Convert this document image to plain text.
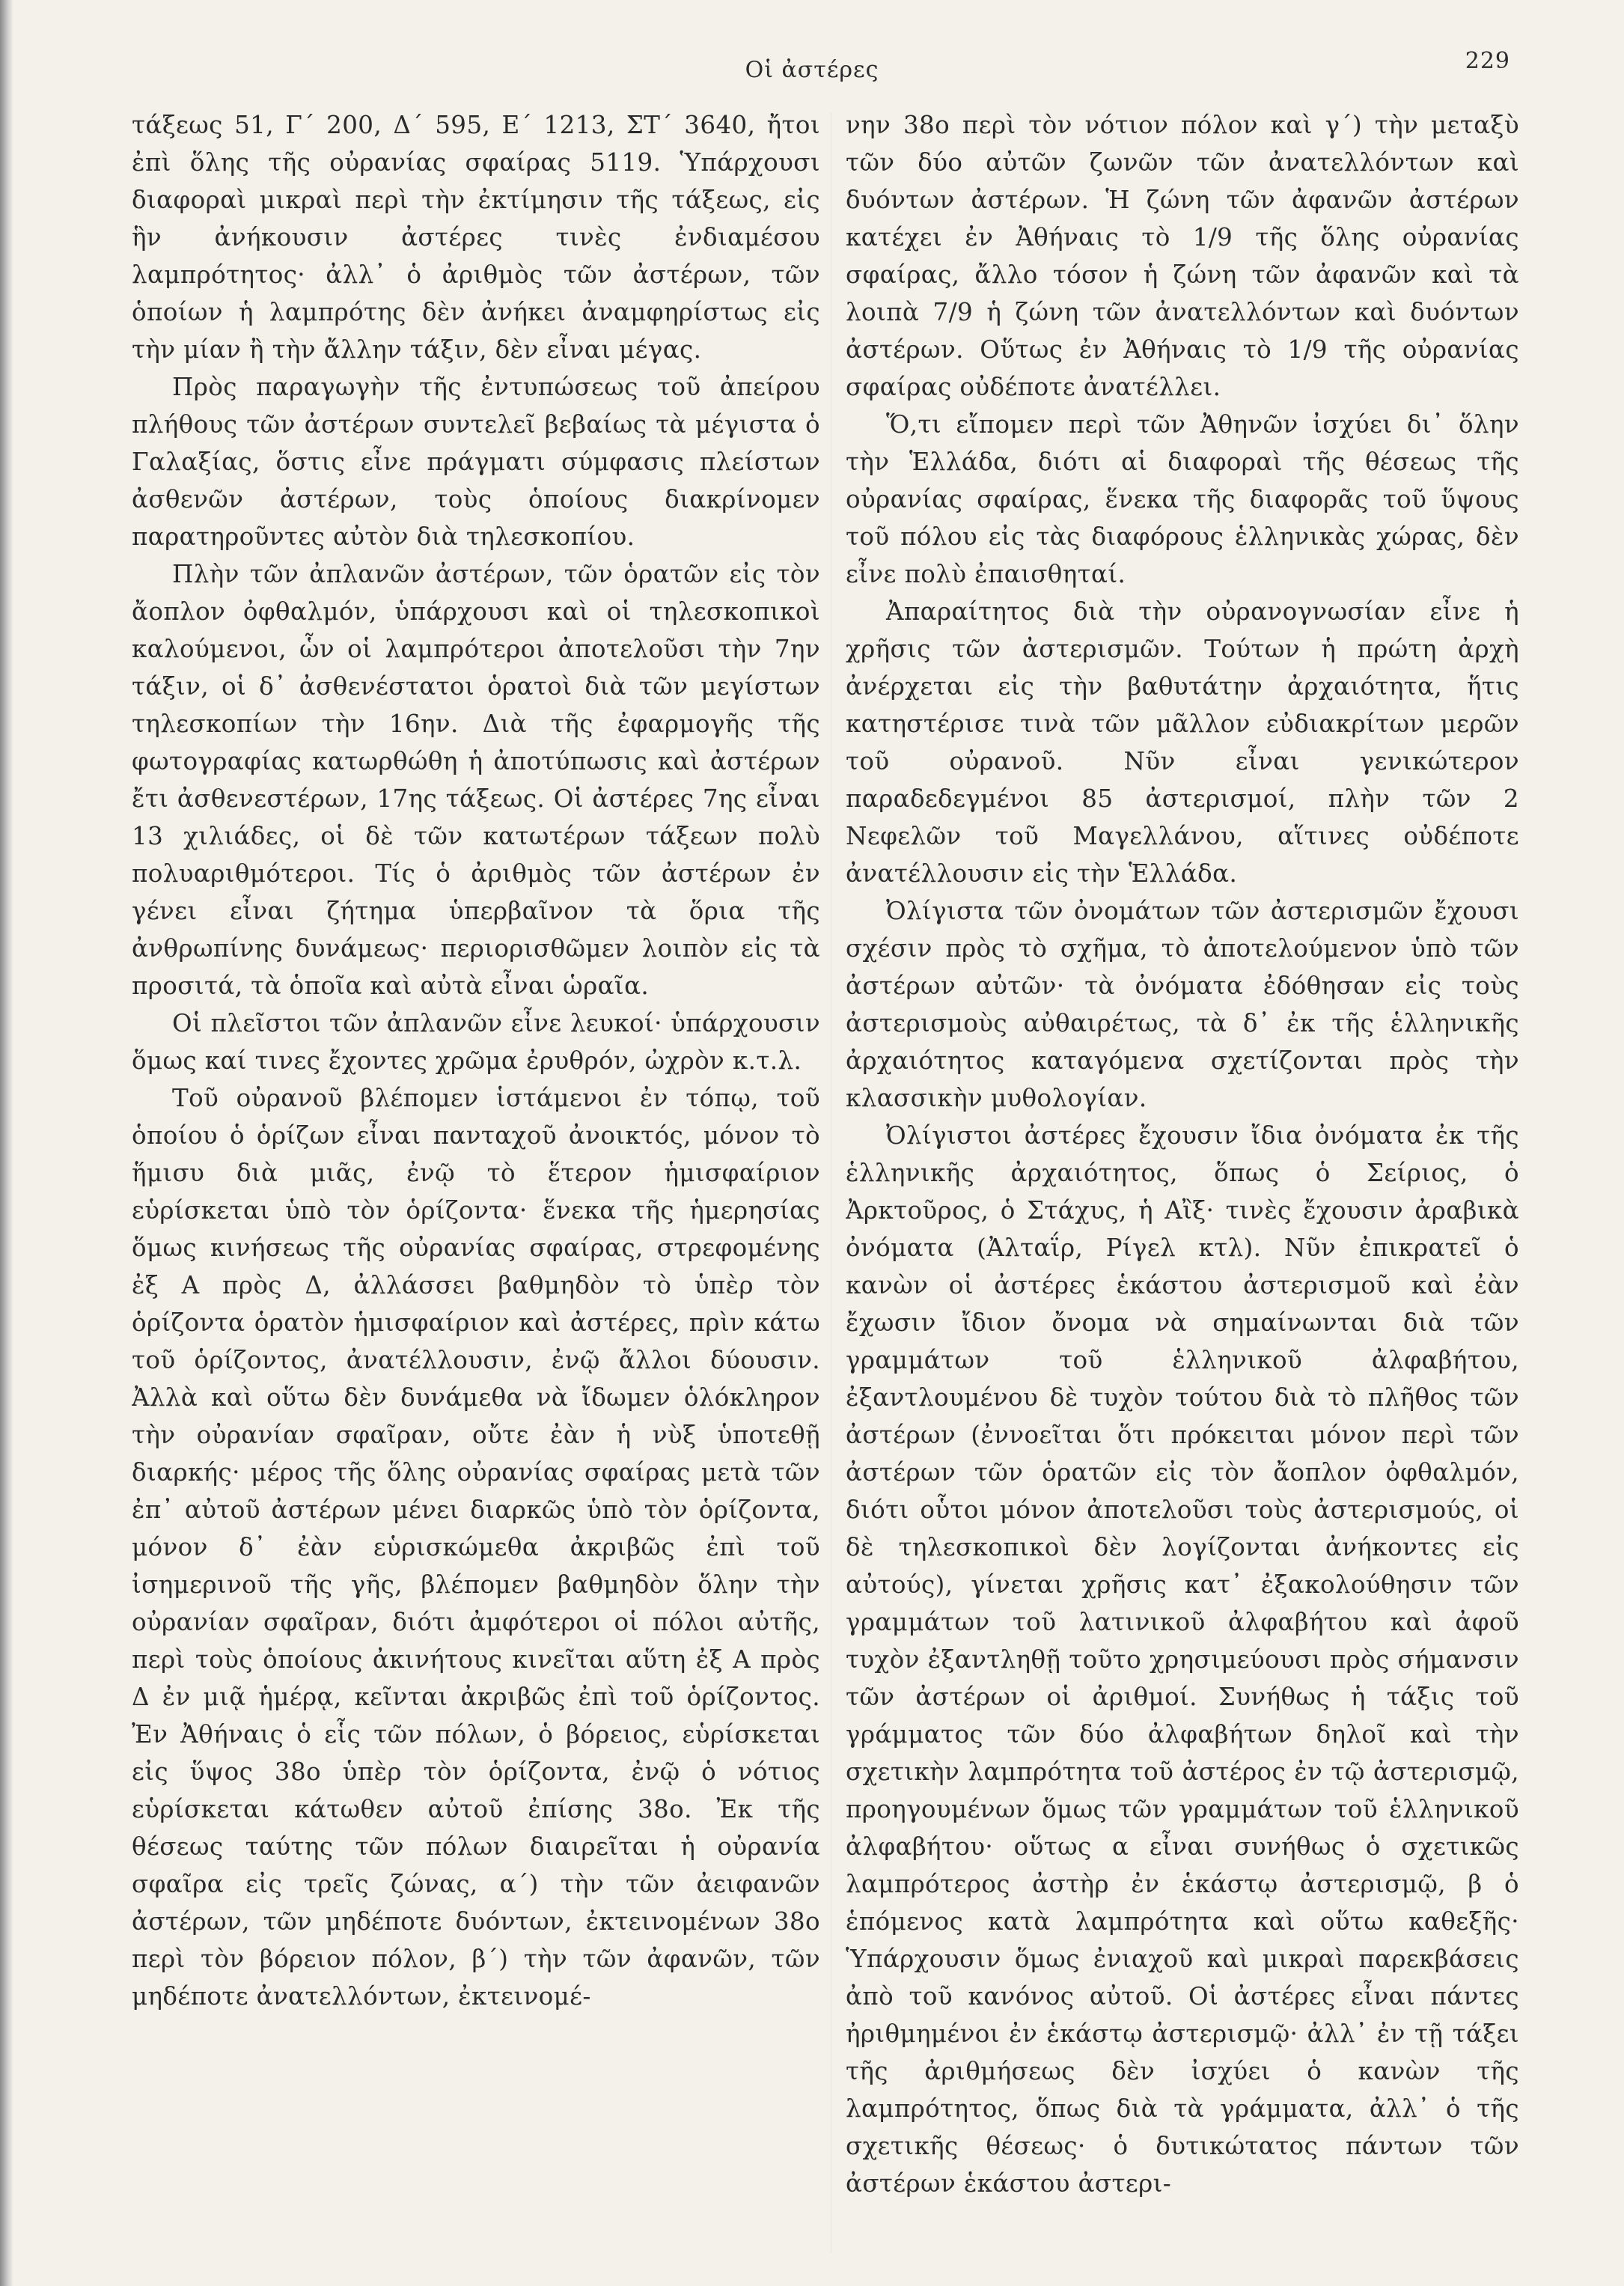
Οἱ ἀστέρες	229

τάξεως 51, Γ΄ 200, Δ΄ 595, Ε΄ 1213, ΣΤ΄ 3640, ἤτοι ἐπὶ ὅλης τῆς οὐρανίας σφαίρας 5119. Ὑπάρχουσι διαφοραὶ μικραὶ περὶ τὴν ἐκτίμησιν τῆς τάξεως, εἰς ἣν ἀνήκουσιν ἀστέρες τινὲς ἐνδιαμέσου λαμπρότητος· ἀλλ᾽ ὁ ἀριθμὸς τῶν ἀστέρων, τῶν ὁποίων ἡ λαμπρότης δὲν ἀνήκει ἀναμφηρίστως εἰς τὴν μίαν ἢ τὴν ἄλλην τάξιν, δὲν εἶναι μέγας.

Πρὸς παραγωγὴν τῆς ἐντυπώσεως τοῦ ἀπείρου πλήθους τῶν ἀστέρων συντελεῖ βεβαίως τὰ μέγιστα ὁ Γαλαξίας, ὅστις εἶνε πράγματι σύμφασις πλείστων ἀσθενῶν ἀστέρων, τοὺς ὁποίους διακρίνομεν παρατηροῦντες αὐτὸν διὰ τηλεσκοπίου.

Πλὴν τῶν ἀπλανῶν ἀστέρων, τῶν ὁρατῶν εἰς τὸν ἄοπλον ὀφθαλμόν, ὑπάρχουσι καὶ οἱ τηλεσκοπικοὶ καλούμενοι, ὧν οἱ λαμπρότεροι ἀποτελοῦσι τὴν 7ην τάξιν, οἱ δ᾽ ἀσθενέστατοι ὁρατοὶ διὰ τῶν μεγίστων τηλεσκοπίων τὴν 16ην. Διὰ τῆς ἐφαρμογῆς τῆς φωτογραφίας κατωρθώθη ἡ ἀποτύπωσις καὶ ἀστέρων ἔτι ἀσθενεστέρων, 17ης τάξεως. Οἱ ἀστέρες 7ης εἶναι 13 χιλιάδες, οἱ δὲ τῶν κατωτέρων τάξεων πολὺ πολυαριθμότεροι. Τίς ὁ ἀριθμὸς τῶν ἀστέρων ἐν γένει εἶναι ζήτημα ὑπερβαῖνον τὰ ὅρια τῆς ἀνθρωπίνης δυνάμεως· περιορισθῶμεν λοιπὸν εἰς τὰ προσιτά, τὰ ὁποῖα καὶ αὐτὰ εἶναι ὡραῖα.

Οἱ πλεῖστοι τῶν ἀπλανῶν εἶνε λευκοί· ὑπάρχουσιν ὅμως καί τινες ἔχοντες χρῶμα ἐρυθρόν, ὠχρὸν κ.τ.λ.

Τοῦ οὐρανοῦ βλέπομεν ἱστάμενοι ἐν τόπῳ, τοῦ ὁποίου ὁ ὁρίζων εἶναι πανταχοῦ ἀνοικτός, μόνον τὸ ἥμισυ διὰ μιᾶς, ἐνῷ τὸ ἕτερον ἡμισφαίριον εὑρίσκεται ὑπὸ τὸν ὁρίζοντα· ἕνεκα τῆς ἡμερησίας ὅμως κινήσεως τῆς οὐρανίας σφαίρας, στρεφομένης ἐξ Α πρὸς Δ, ἀλλάσσει βαθμηδὸν τὸ ὑπὲρ τὸν ὁρίζοντα ὁρατὸν ἡμισφαίριον καὶ ἀστέρες, πρὶν κάτω τοῦ ὁρίζοντος, ἀνατέλλουσιν, ἐνῷ ἄλλοι δύουσιν. Ἀλλὰ καὶ οὕτω δὲν δυνάμεθα νὰ ἴδωμεν ὁλόκληρον τὴν οὐρανίαν σφαῖραν, οὔτε ἐὰν ἡ νὺξ ὑποτεθῇ διαρκής· μέρος τῆς ὅλης οὐρανίας σφαίρας μετὰ τῶν ἐπ᾽ αὐτοῦ ἀστέρων μένει διαρκῶς ὑπὸ τὸν ὁρίζοντα, μόνον δ᾽ ἐὰν εὑρισκώμεθα ἀκριβῶς ἐπὶ τοῦ ἰσημερινοῦ τῆς γῆς, βλέπομεν βαθμηδὸν ὅλην τὴν οὐρανίαν σφαῖραν, διότι ἀμφότεροι οἱ πόλοι αὐτῆς, περὶ τοὺς ὁποίους ἀκινήτους κινεῖται αὕτη ἐξ Α πρὸς Δ ἐν μιᾷ ἡμέρᾳ, κεῖνται ἀκριβῶς ἐπὶ τοῦ ὁρίζοντος. Ἐν Ἀθήναις ὁ εἷς τῶν πόλων, ὁ βόρειος, εὑρίσκεται εἰς ὕψος 38ο ὑπὲρ τὸν ὁρίζοντα, ἐνῷ ὁ νότιος εὑρίσκεται κάτωθεν αὐτοῦ ἐπίσης 38ο. Ἐκ τῆς θέσεως ταύτης τῶν πόλων διαιρεῖται ἡ οὐρανία σφαῖρα εἰς τρεῖς ζώνας, α΄) τὴν τῶν ἀειφανῶν ἀστέρων, τῶν μηδέποτε δυόντων, ἐκτεινομένων 38ο περὶ τὸν βόρειον πόλον, β΄) τὴν τῶν ἀφανῶν, τῶν μηδέποτε ἀνατελλόντων, ἐκτεινομέ-

νην 38ο περὶ τὸν νότιον πόλον καὶ γ΄) τὴν μεταξὺ τῶν δύο αὐτῶν ζωνῶν τῶν ἀνατελλόντων καὶ δυόντων ἀστέρων. Ἡ ζώνη τῶν ἀφανῶν ἀστέρων κατέχει ἐν Ἀθήναις τὸ 1/9 τῆς ὅλης οὐρανίας σφαίρας, ἄλλο τόσον ἡ ζώνη τῶν ἀφανῶν καὶ τὰ λοιπὰ 7/9 ἡ ζώνη τῶν ἀνατελλόντων καὶ δυόντων ἀστέρων. Οὕτως ἐν Ἀθήναις τὸ 1/9 τῆς οὐρανίας σφαίρας οὐδέποτε ἀνατέλλει.

Ὅ,τι εἴπομεν περὶ τῶν Ἀθηνῶν ἰσχύει δι᾽ ὅλην τὴν Ἑλλάδα, διότι αἱ διαφοραὶ τῆς θέσεως τῆς οὐρανίας σφαίρας, ἕνεκα τῆς διαφορᾶς τοῦ ὕψους τοῦ πόλου εἰς τὰς διαφόρους ἑλληνικὰς χώρας, δὲν εἶνε πολὺ ἐπαισθηταί.

Ἀπαραίτητος διὰ τὴν οὐρανογνωσίαν εἶνε ἡ χρῆσις τῶν ἀστερισμῶν. Τούτων ἡ πρώτη ἀρχὴ ἀνέρχεται εἰς τὴν βαθυτάτην ἀρχαιότητα, ἥτις κατηστέρισε τινὰ τῶν μᾶλλον εὐδιακρίτων μερῶν τοῦ οὐρανοῦ. Νῦν εἶναι γενικώτερον παραδεδεγμένοι 85 ἀστερισμοί, πλὴν τῶν 2 Νεφελῶν τοῦ Μαγελλάνου, αἵτινες οὐδέποτε ἀνατέλλουσιν εἰς τὴν Ἑλλάδα.

Ὀλίγιστα τῶν ὀνομάτων τῶν ἀστερισμῶν ἔχουσι σχέσιν πρὸς τὸ σχῆμα, τὸ ἀποτελούμενον ὑπὸ τῶν ἀστέρων αὐτῶν· τὰ ὀνόματα ἐδόθησαν εἰς τοὺς ἀστερισμοὺς αὐθαιρέτως, τὰ δ᾽ ἐκ τῆς ἑλληνικῆς ἀρχαιότητος καταγόμενα σχετίζονται πρὸς τὴν κλασσικὴν μυθολογίαν.

Ὀλίγιστοι ἀστέρες ἔχουσιν ἴδια ὀνόματα ἐκ τῆς ἑλληνικῆς ἀρχαιότητος, ὅπως ὁ Σείριος, ὁ Ἀρκτοῦρος, ὁ Στάχυς, ἡ Αἲξ· τινὲς ἔχουσιν ἀραβικὰ ὀνόματα (Ἀλταΐρ, Ρίγελ κτλ). Νῦν ἐπικρατεῖ ὁ κανὼν οἱ ἀστέρες ἑκάστου ἀστερισμοῦ καὶ ἐὰν ἔχωσιν ἴδιον ὄνομα νὰ σημαίνωνται διὰ τῶν γραμμάτων τοῦ ἑλληνικοῦ ἀλφαβήτου, ἐξαντλουμένου δὲ τυχὸν τούτου διὰ τὸ πλῆθος τῶν ἀστέρων (ἐννοεῖται ὅτι πρόκειται μόνον περὶ τῶν ἀστέρων τῶν ὁρατῶν εἰς τὸν ἄοπλον ὀφθαλμόν, διότι οὗτοι μόνον ἀποτελοῦσι τοὺς ἀστερισμούς, οἱ δὲ τηλεσκοπικοὶ δὲν λογίζονται ἀνήκοντες εἰς αὐτούς), γίνεται χρῆσις κατ᾽ ἐξακολούθησιν τῶν γραμμάτων τοῦ λατινικοῦ ἀλφαβήτου καὶ ἀφοῦ τυχὸν ἐξαντληθῇ τοῦτο χρησιμεύουσι πρὸς σήμανσιν τῶν ἀστέρων οἱ ἀριθμοί. Συνήθως ἡ τάξις τοῦ γράμματος τῶν δύο ἀλφαβήτων δηλοῖ καὶ τὴν σχετικὴν λαμπρότητα τοῦ ἀστέρος ἐν τῷ ἀστερισμῷ, προηγουμένων ὅμως τῶν γραμμάτων τοῦ ἑλληνικοῦ ἀλφαβήτου· οὕτως α εἶναι συνήθως ὁ σχετικῶς λαμπρότερος ἀστὴρ ἐν ἑκάστῳ ἀστερισμῷ, β ὁ ἑπόμενος κατὰ λαμπρότητα καὶ οὕτω καθεξῆς· Ὑπάρχουσιν ὅμως ἐνιαχοῦ καὶ μικραὶ παρεκβάσεις ἀπὸ τοῦ κανόνος αὐτοῦ. Οἱ ἀστέρες εἶναι πάντες ἠριθμημένοι ἐν ἑκάστῳ ἀστερισμῷ· ἀλλ᾽ ἐν τῇ τάξει τῆς ἀριθμήσεως δὲν ἰσχύει ὁ κανὼν τῆς λαμπρότητος, ὅπως διὰ τὰ γράμματα, ἀλλ᾽ ὁ τῆς σχετικῆς θέσεως· ὁ δυτικώτατος πάντων τῶν ἀστέρων ἑκάστου ἀστερι-
